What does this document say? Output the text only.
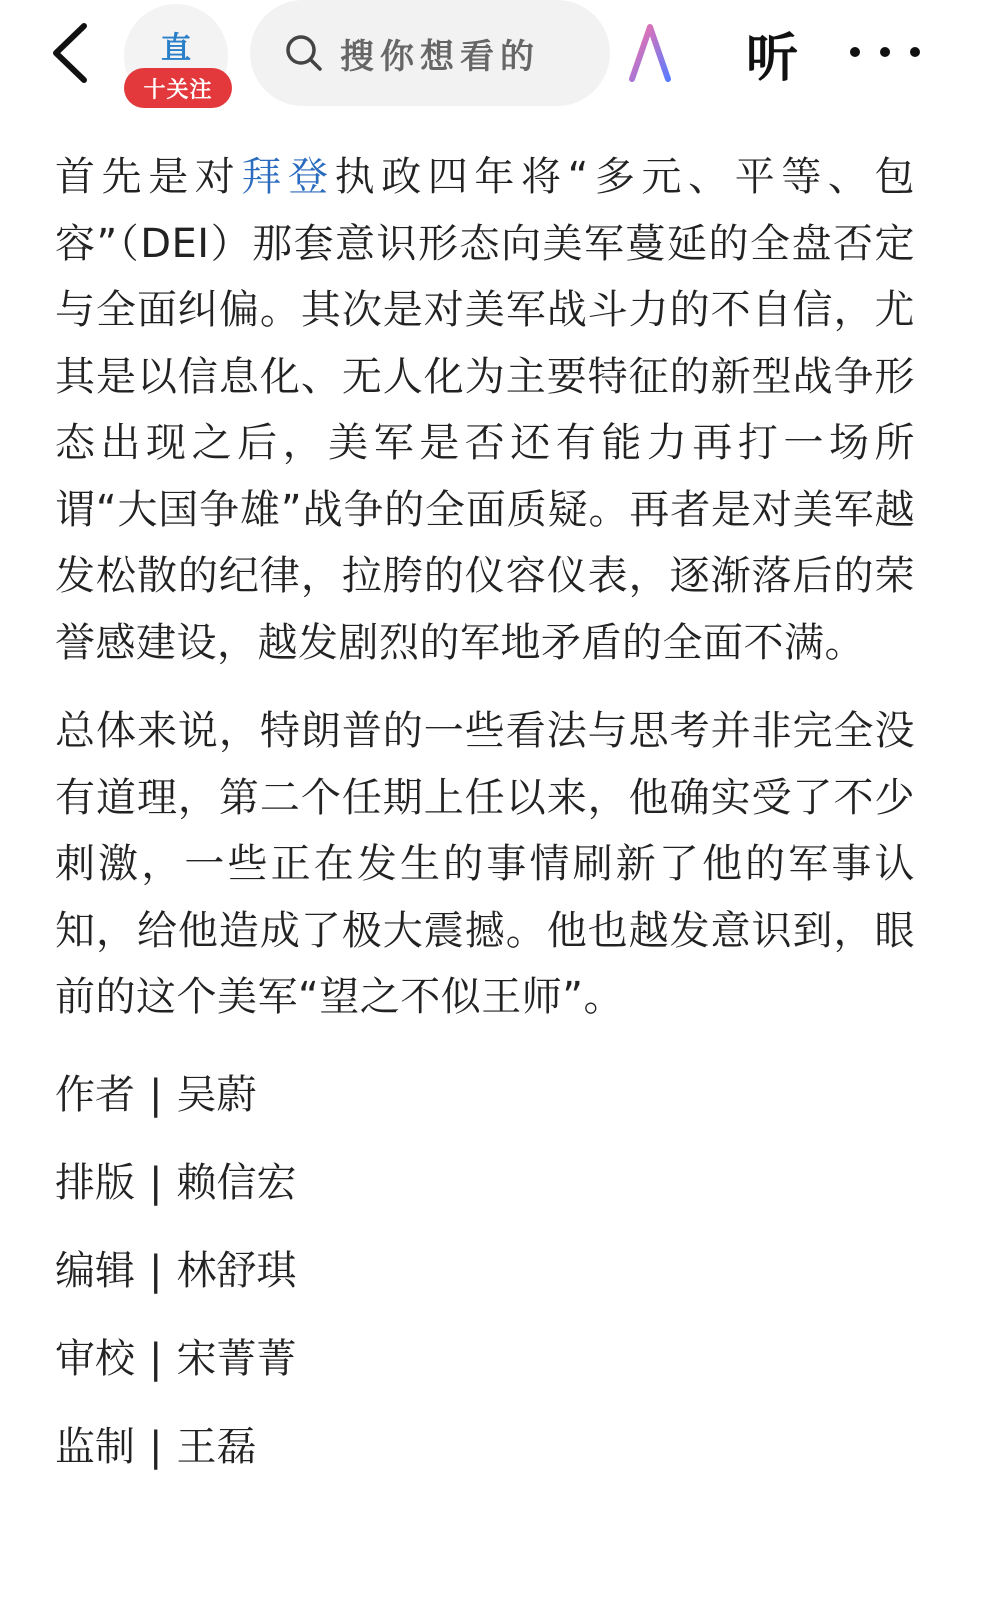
直
十关注
搜你想看的	听

首先是对拜登执政四年将“多元、平等、包容”（DEI）那套意识形态向美军蔓延的全盘否定与全面纠偏。其次是对美军战斗力的不自信，尤其是以信息化、无人化为主要特征的新型战争形态出现之后，美军是否还有能力再打一场所谓“大国争雄”战争的全面质疑。再者是对美军越发松散的纪律，拉胯的仪容仪表，逐渐落后的荣誉感建设，越发剧烈的军地矛盾的全面不满。

总体来说，特朗普的一些看法与思考并非完全没有道理，第二个任期上任以来，他确实受了不少刺激，一些正在发生的事情刷新了他的军事认知，给他造成了极大震撼。他也越发意识到，眼前的这个美军“望之不似王师”。

作者 | 吴蔚
排版 | 赖信宏
编辑 | 林舒琪
审校 | 宋菁菁
监制 | 王磊
